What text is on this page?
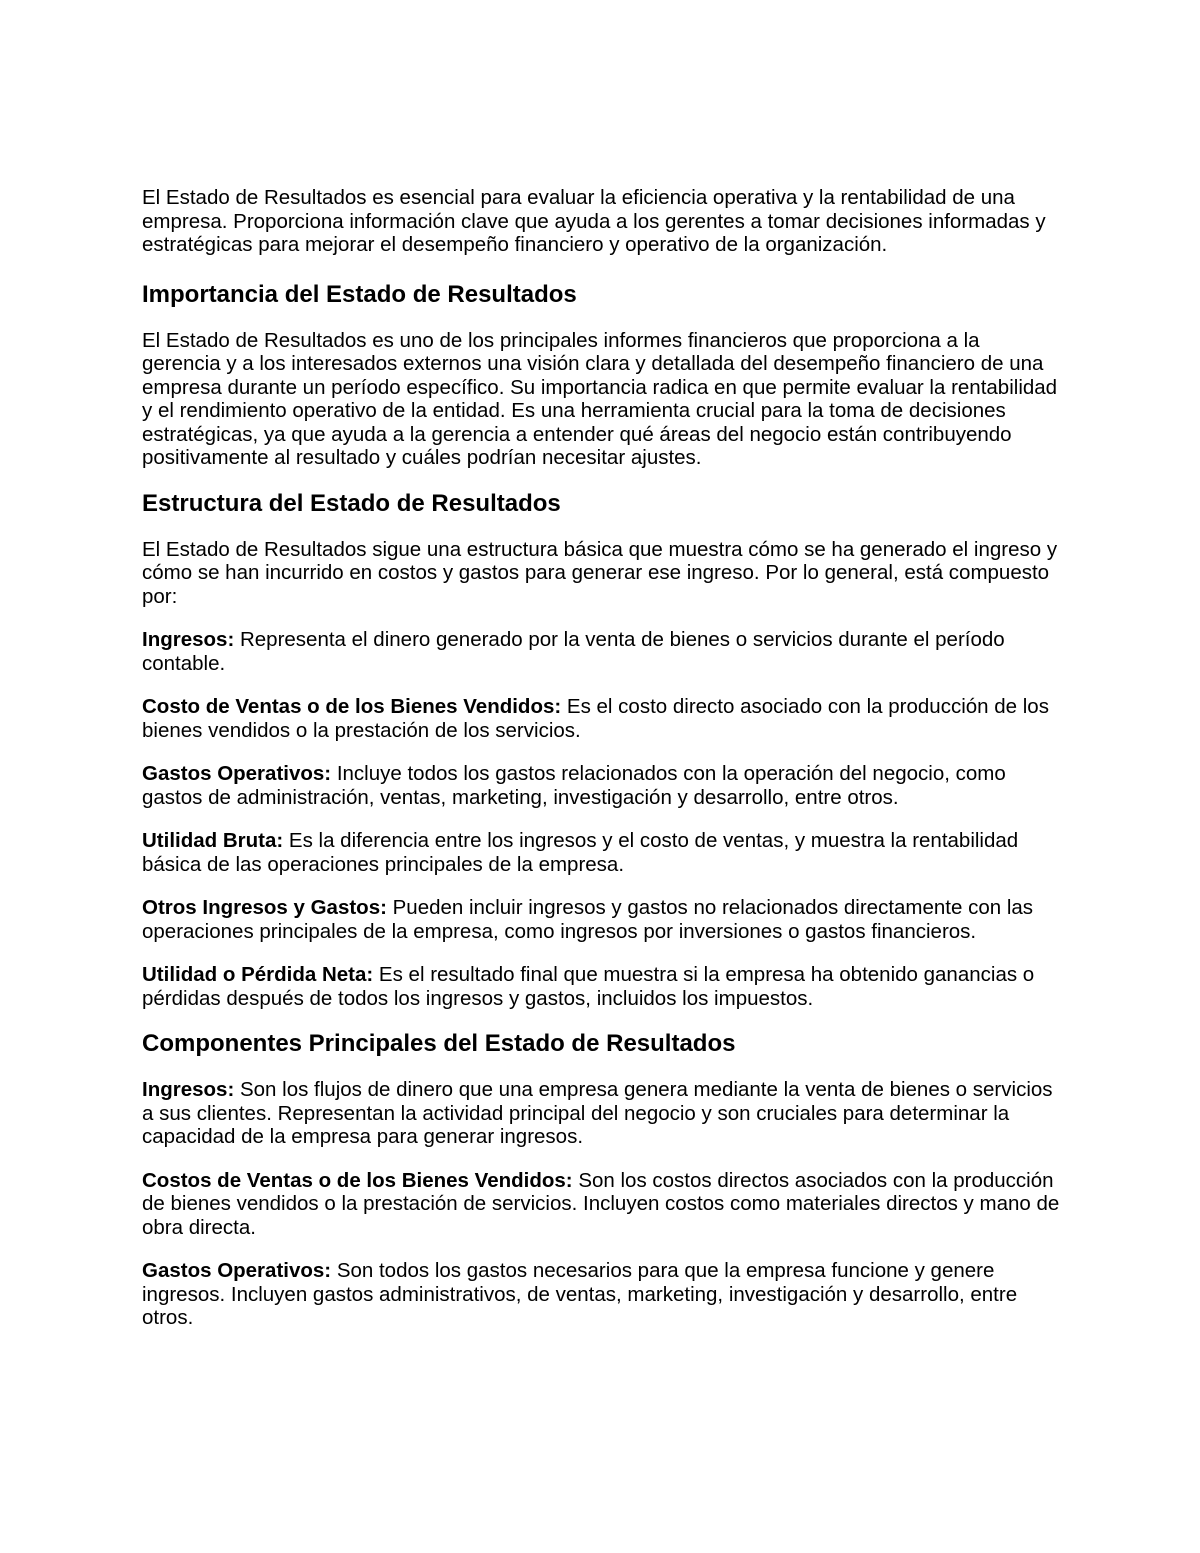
El Estado de Resultados es esencial para evaluar la eficiencia operativa y la rentabilidad de una empresa. Proporciona información clave que ayuda a los gerentes a tomar decisiones informadas y estratégicas para mejorar el desempeño financiero y operativo de la organización.

Importancia del Estado de Resultados

El Estado de Resultados es uno de los principales informes financieros que proporciona a la gerencia y a los interesados externos una visión clara y detallada del desempeño financiero de una empresa durante un período específico. Su importancia radica en que permite evaluar la rentabilidad y el rendimiento operativo de la entidad. Es una herramienta crucial para la toma de decisiones estratégicas, ya que ayuda a la gerencia a entender qué áreas del negocio están contribuyendo positivamente al resultado y cuáles podrían necesitar ajustes.

Estructura del Estado de Resultados

El Estado de Resultados sigue una estructura básica que muestra cómo se ha generado el ingreso y cómo se han incurrido en costos y gastos para generar ese ingreso. Por lo general, está compuesto por:

Ingresos: Representa el dinero generado por la venta de bienes o servicios durante el período contable.

Costo de Ventas o de los Bienes Vendidos: Es el costo directo asociado con la producción de los bienes vendidos o la prestación de los servicios.

Gastos Operativos: Incluye todos los gastos relacionados con la operación del negocio, como gastos de administración, ventas, marketing, investigación y desarrollo, entre otros.

Utilidad Bruta: Es la diferencia entre los ingresos y el costo de ventas, y muestra la rentabilidad básica de las operaciones principales de la empresa.

Otros Ingresos y Gastos: Pueden incluir ingresos y gastos no relacionados directamente con las operaciones principales de la empresa, como ingresos por inversiones o gastos financieros.

Utilidad o Pérdida Neta: Es el resultado final que muestra si la empresa ha obtenido ganancias o pérdidas después de todos los ingresos y gastos, incluidos los impuestos.

Componentes Principales del Estado de Resultados

Ingresos: Son los flujos de dinero que una empresa genera mediante la venta de bienes o servicios a sus clientes. Representan la actividad principal del negocio y son cruciales para determinar la capacidad de la empresa para generar ingresos.

Costos de Ventas o de los Bienes Vendidos: Son los costos directos asociados con la producción de bienes vendidos o la prestación de servicios. Incluyen costos como materiales directos y mano de obra directa.

Gastos Operativos: Son todos los gastos necesarios para que la empresa funcione y genere ingresos. Incluyen gastos administrativos, de ventas, marketing, investigación y desarrollo, entre otros.
